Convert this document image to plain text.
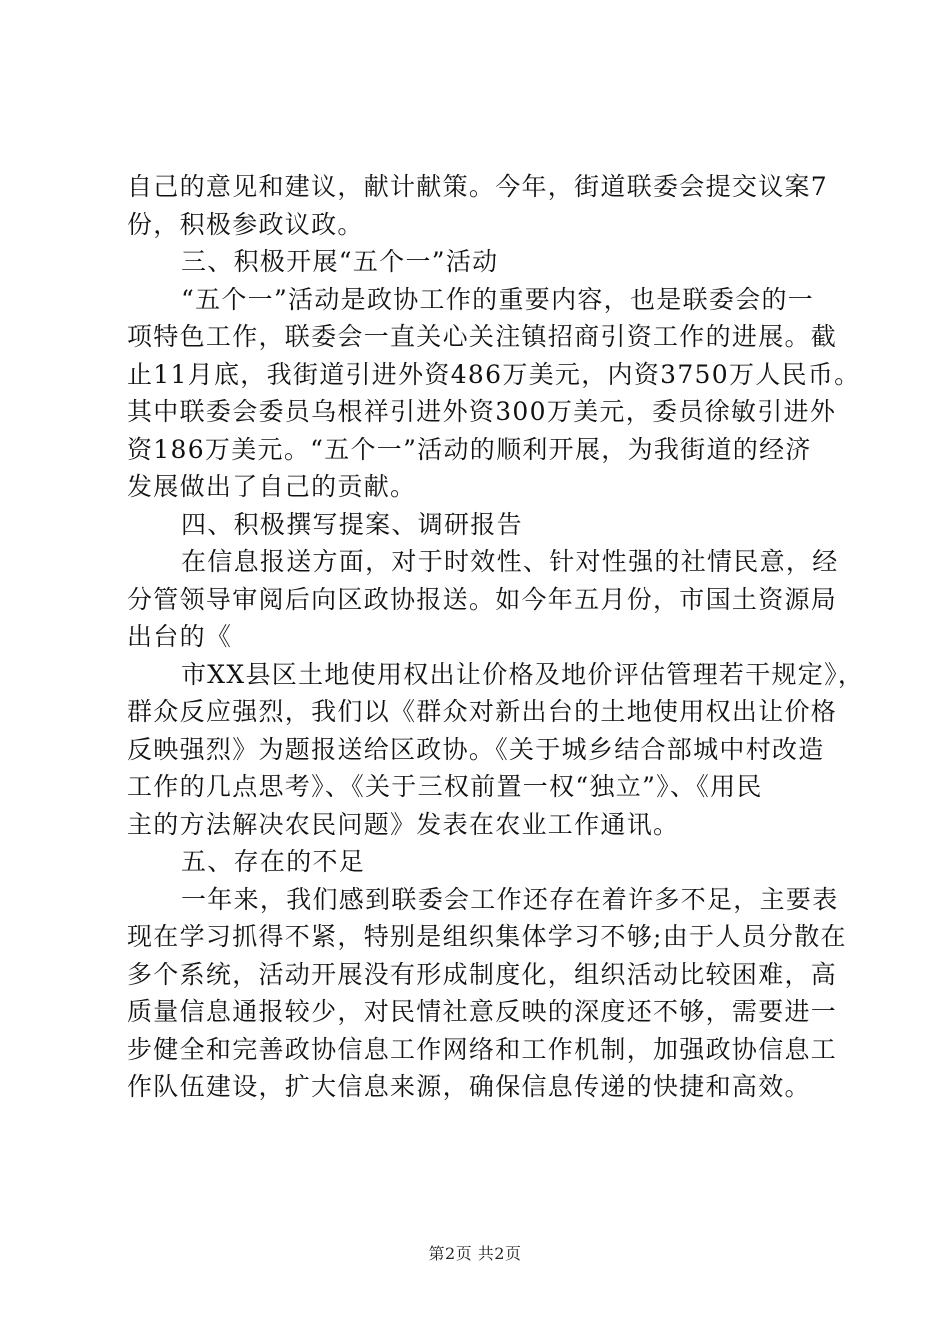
自己的意见和建议，献计献策。今年，街道联委会提交议案7
份，积极参政议政。
三、积极开展“五个一”活动
“五个一”活动是政协工作的重要内容，也是联委会的一
项特色工作，联委会一直关心关注镇招商引资工作的进展。截
止11月底，我街道引进外资486万美元，内资3750万人民币。
其中联委会委员乌根祥引进外资300万美元，委员徐敏引进外
资186万美元。“五个一”活动的顺利开展，为我街道的经济
发展做出了自己的贡献。
四、积极撰写提案、调研报告
在信息报送方面，对于时效性、针对性强的社情民意，经
分管领导审阅后向区政协报送。如今年五月份，市国土资源局
出台的《
市XX县区土地使用权出让价格及地价评估管理若干规定》，
群众反应强烈，我们以《群众对新出台的土地使用权出让价格
反映强烈》为题报送给区政协。《关于城乡结合部城中村改造
工作的几点思考》、《关于三权前置一权“独立”》、《用民
主的方法解决农民问题》发表在农业工作通讯。
五、存在的不足
一年来，我们感到联委会工作还存在着许多不足，主要表
现在学习抓得不紧，特别是组织集体学习不够;由于人员分散在
多个系统，活动开展没有形成制度化，组织活动比较困难，高
质量信息通报较少，对民情社意反映的深度还不够，需要进一
步健全和完善政协信息工作网络和工作机制，加强政协信息工
作队伍建设，扩大信息来源，确保信息传递的快捷和高效。
第2页 共2页
